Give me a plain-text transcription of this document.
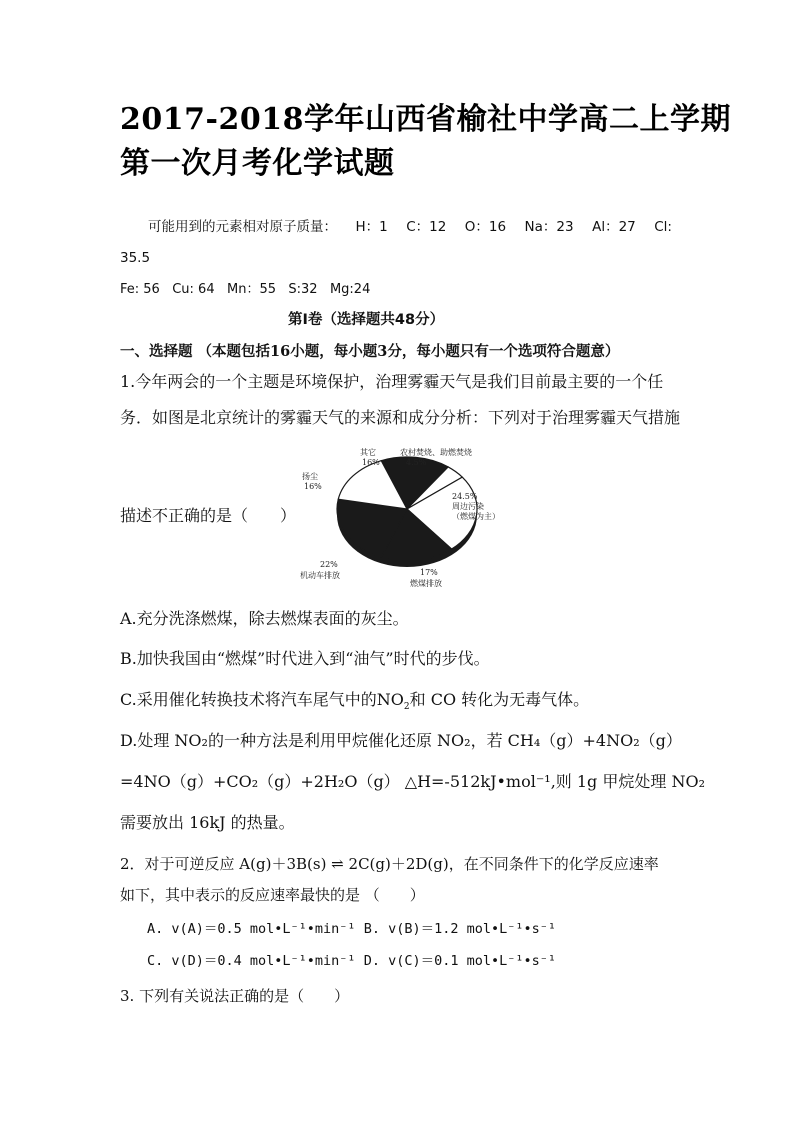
2017-2018学年山西省榆社中学高二上学期
第一次月考化学试题
可能用到的元素相对原子质量： H：1 C：12 O：16 Na：23 Al：27 Cl:
35.5
Fe: 56   Cu: 64   Mn：55   S:32   Mg:24
第Ⅰ卷（选择题共48分）
一、选择题 （本题包括16小题，每小题3分，每小题只有一个选项符合题意）
1.今年两会的一个主题是环境保护，治理雾霾天气是我们目前最主要的一个任
务．如图是北京统计的雾霾天气的来源和成分分析：下列对于治理雾霾天气措施
描述不正确的是（　　）
其它
16%
农村焚烧、助燃焚烧
4.5%
24.5%
周边污染
（燃煤为主）
扬尘
16%
22%
机动车排放	17%
燃煤排放
A.充分洗涤燃煤，除去燃煤表面的灰尘。
B.加快我国由“燃煤”时代进入到“油气”时代的步伐。
C.采用催化转换技术将汽车尾气中的$NO_2$和 CO 转化为无毒气体。
D.处理 NO₂的一种方法是利用甲烷催化还原 NO₂，若 CH₄（g）+4NO₂（g）
=4NO（g）+CO₂（g）+2H₂O（g） △H=-512kJ•mol⁻¹,则 1g 甲烷处理 NO₂
需要放出 16kJ 的热量。
2．对于可逆反应 A(g)＋3B(s) ⇌ 2C(g)＋2D(g)，在不同条件下的化学反应速率
如下，其中表示的反应速率最快的是 （　　）
A. v(A)＝0.5 mol•L⁻¹•min⁻¹ B. v(B)＝1.2 mol•L⁻¹•s⁻¹
C. v(D)＝0.4 mol•L⁻¹•min⁻¹ D. v(C)＝0.1 mol•L⁻¹•s⁻¹
3. 下列有关说法正确的是（　　）
